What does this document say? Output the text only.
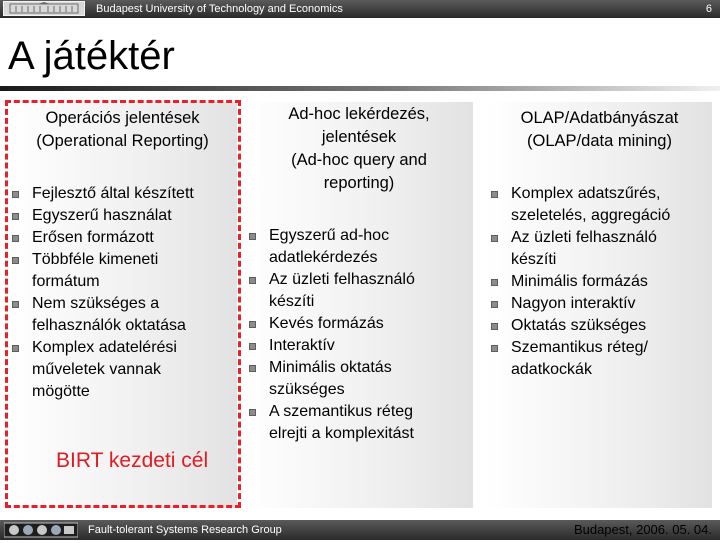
Budapest University of Technology and Economics	6
A játéktér
Operációs jelentések
(Operational Reporting)
Ad-hoc lekérdezés,
jelentések
(Ad-hoc query and
reporting)
OLAP/Adatbányászat
(OLAP/data mining)
Fejlesztő által készített
Egyszerű használat
Erősen formázott
Többféle kimeneti
formátum
Nem szükséges a
felhasználók oktatása
Komplex adatelérési
műveletek vannak
mögötte
Egyszerű ad-hoc
adatlekérdezés
Az üzleti felhasználó
készíti
Kevés formázás
Interaktív
Minimális oktatás
szükséges
A szemantikus réteg
elrejti a komplexitást
Komplex adatszűrés,
szeletelés, aggregáció
Az üzleti felhasználó
készíti
Minimális formázás
Nagyon interaktív
Oktatás szükséges
Szemantikus réteg/
adatkockák
BIRT kezdeti cél
Fault-tolerant Systems Research Group	Budapest, 2006. 05. 04.
